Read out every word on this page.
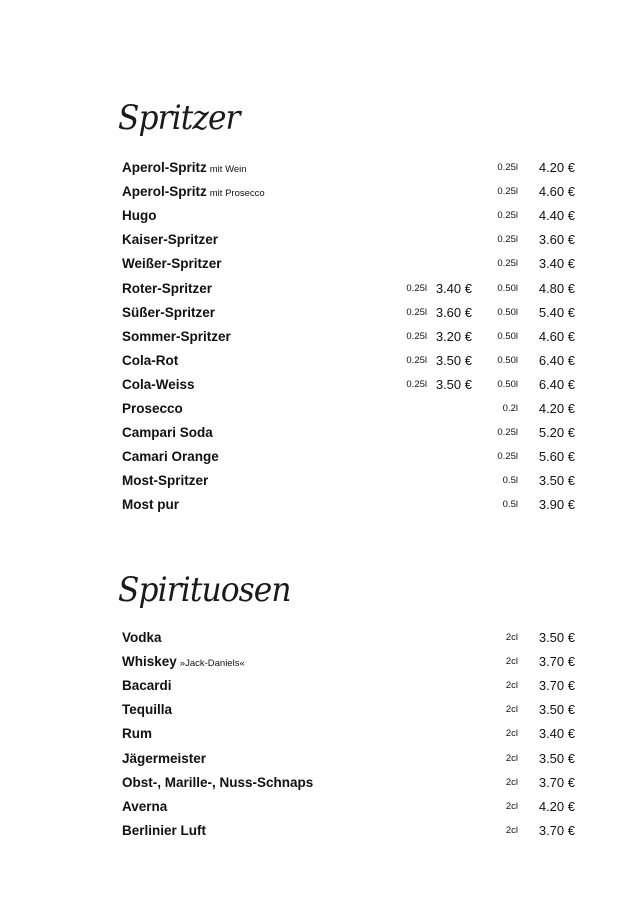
Spritzer
Aperol-Spritz mit Wein	0.25l 4.20 €
Aperol-Spritz mit Prosecco	0.25l 4.60 €
Hugo	0.25l 4.40 €
Kaiser-Spritzer	0.25l 3.60 €
Weißer-Spritzer	0.25l 3.40 €
Roter-Spritzer	0.25l 3.40 €	0.50l 4.80 €
Süßer-Spritzer	0.25l 3.60 €	0.50l 5.40 €
Sommer-Spritzer	0.25l 3.20 €	0.50l 4.60 €
Cola-Rot	0.25l 3.50 €	0.50l 6.40 €
Cola-Weiss	0.25l 3.50 €	0.50l 6.40 €
Prosecco	0.2l 4.20 €
Campari Soda	0.25l 5.20 €
Camari Orange	0.25l 5.60 €
Most-Spritzer	0.5l 3.50 €
Most pur	0.5l 3.90 €
Spirituosen
Vodka	2cl 3.50 €
Whiskey »Jack-Daniels«	2cl 3.70 €
Bacardi	2cl 3.70 €
Tequilla	2cl 3.50 €
Rum	2cl 3.40 €
Jägermeister	2cl 3.50 €
Obst-, Marille-, Nuss-Schnaps	2cl 3.70 €
Averna	2cl 4.20 €
Berlinier Luft	2cl 3.70 €
